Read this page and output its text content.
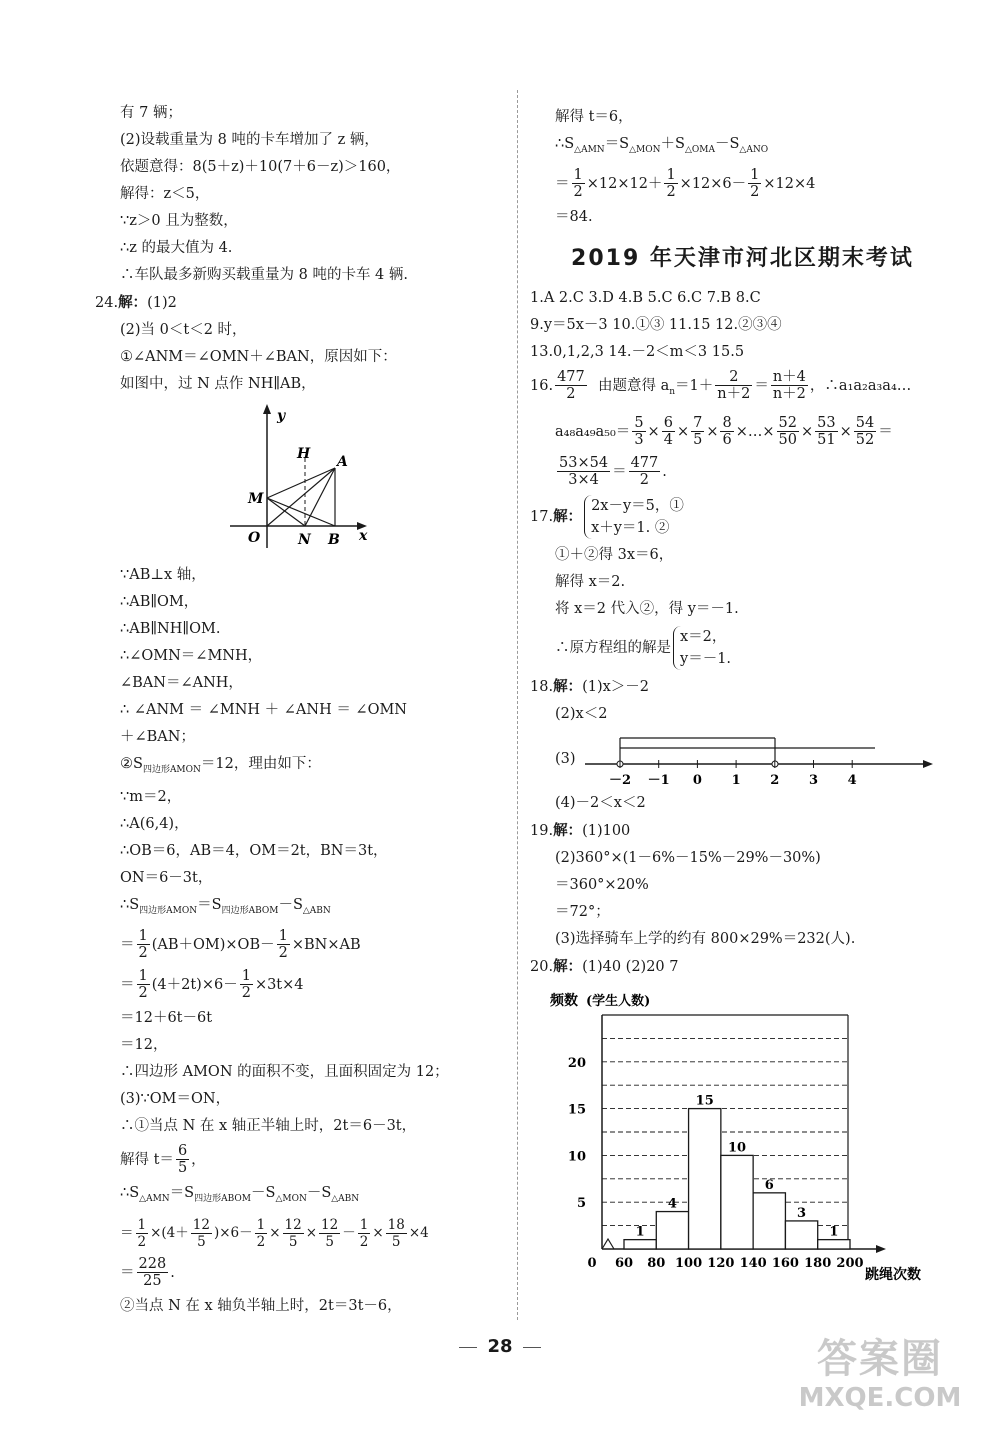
有 7 辆；
(2)设载重量为 8 吨的卡车增加了 z 辆，
依题意得：8(5＋z)＋10(7＋6－z)＞160，
解得：z＜5，
∵z＞0 且为整数，
∴z 的最大值为 4.
∴车队最多新购买载重量为 8 吨的卡车 4 辆.
24.解：(1)2
(2)当 0＜t＜2 时，
①∠ANM＝∠OMN＋∠BAN，原因如下：
如图中，过 N 点作 NH∥AB，
y
x
H A
M
O	N B
∵AB⊥x 轴，
∴AB∥OM，
∴AB∥NH∥OM.
∴∠OMN＝∠MNH，
∠BAN＝∠ANH，
∴ ∠ANM ＝ ∠MNH ＋ ∠ANH ＝ ∠OMN
＋∠BAN；
$②S_{四边形AMON}=12$，理由如下：
∵m＝2，
∴A(6,4)，
∴OB＝6，AB＝4，OM＝2t，BN＝3t，
ON＝6－3t，
$\therefore S_{四边形AMON}=S_{四边形ABOM}-S_{\triangle ABN}$
＝ $\frac{1}{2} (AB+OM)\times OB- \frac{1}{2} \times BN\times AB$
＝ $\frac{1}{2} (4+2t)\times 6- \frac{1}{2} \times 3t\times 4$
＝12＋6t－6t
＝12，
∴四边形 AMON 的面积不变，且面积固定为 12；
(3)∵OM＝ON，
∴①当点 N 在 x 轴正半轴上时，2t＝6－3t，
解得 $t= \frac{6}{5}$ ，
$\therefore S_{\triangle AMN}=S_{四边形ABOM}-S_{\triangle MON}-S_{\triangle ABN}$
＝ $\frac{1}{2} \times(4+ \frac{12}{5} )\times 6- \frac{1}{2} \times \frac{12}{5} \times \frac{12}{5} - \frac{1}{2} \times \frac{18}{5} \times 4$
＝ $\frac{228}{25}$ .
②当点 N 在 x 轴负半轴上时，2t＝3t－6，
解得 t＝6，
$\therefore S_{\triangle AMN}=S_{\triangle MON}+S_{\triangle OMA}-S_{\triangle ANO}$
＝ $\frac{1}{2} \times 12\times 12+ \frac{1}{2} \times 12\times 6- \frac{1}{2} \times 12\times 4$
＝84.
2019 年天津市河北区期末考试
1.A 2.C 3.D 4.B 5.C 6.C 7.B 8.C
9.y＝5x－3 10.①③ 11.15 12.②③④
13.0,1,2,3 14.－2＜m＜3 15.5
16. $\frac{477}{2}$ 由题意得 $a_n=1+ \frac{2}{n+2} = \frac{n+4}{n+2}$ ，∴a₁a₂a₃a₄…
$a_{48}a_{49}a_{50}= \frac{5}{3} \times \frac{6}{4} \times \frac{7}{5} \times \frac{8}{6}$ ×…× $\frac{52}{50} \times \frac{53}{51} \times \frac{54}{52}$ ＝
$\frac{53\times 54}{3\times 4} = \frac{477}{2}$ .
17.解：
2x－y＝5，①
x＋y＝1. ②
①＋②得 3x＝6，
解得 x＝2.
将 x＝2 代入②，得 y＝－1.
∴原方程组的解是
x＝2，
y＝－1.
18.解：(1)x＞－2
(2)x＜2
(3)
－2 －1 0 1 2 3 4
(4)－2＜x＜2
19.解：(1)100
(2)360°×(1－6%－15%－29%－30%)
＝360°×20%
＝72°；
(3)选择骑车上学的约有 800×29%＝232(人).
20.解：(1)40 (2)20 7
频数 (学生人数)
跳绳次数
5
10
15
20
0 60 80 100 120 140 160 180 200
1
4
15
10
6
3
1
28	答案圈
MXQE.COM
